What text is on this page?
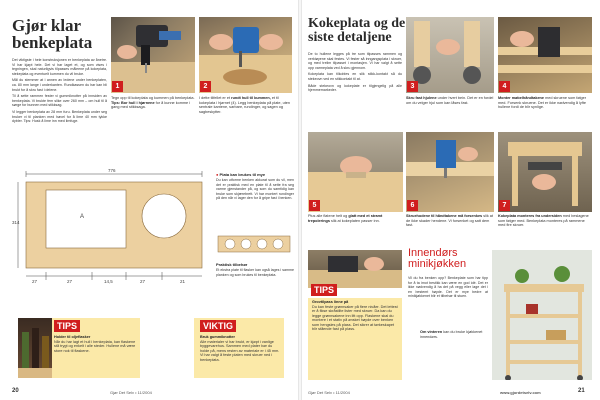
Gjør klar
benkeplata

Det viktigste i hele konstruksjonen er benkeplata av ånetre. Vi har kjøpt hele. Det vi har laget et, og som vises i tegningen, skal naturligvis tilpasses måleene på kokeplata, stekeplata og eventuelt kummen du vil bruke.

Mål du stemmer at i annen av ledene under benkeplaten, ca. 80 mm lange i underkanten. Rundkassen du har kan bli brukt for å skru fast i delene.

Til å sette rammen fester vi gummiknotter på innsiden av benkeplata. Vi brukte fem slike over 260 mm – om hull til å sørge for bunnen med stikksag.

Vi legger benkeplata av 28 mm furu. Benkeplata under seg bruker vi til planken med høvel for å lime 40 mm tykke dybler. Tips: Husk å lime inn med limfuge.

1
Tegn opp til kokeplata og kummen på benkeplata. Tips: Bor hull i hjørnene for å kunne komme i gang med stikksaga.
2
I dette tilfellet er et rundt hull til kummen, et til kokeplata i hjørnet (4). Legg benkeplata på plate, uten sentrale kantene, sarbare, rundinger, og sagen og sagbeskytter.
776
314
A
27	27	14,5	27	21
● Plata kan brukes til mye
Du kan utforme benken akkurat som du vil, men det er praktisk med en plate til å sette fra seg varme gjenstander på, og som du samtidig kan bruke som skjærebrett. Vi har montert rundinger på den når vi lager den for å gripe fast i benken.
Praktisk tilbehør
Et ekstra plate til flasker kan også lages i samme planken og som brukes til benkeplata.
TIPS
Holder til oljeflasker
Når du har lagt et hull i benkeplata, kan flaskene stå trygt og enkelt i alle steder. Hullene må være store nok til flaskene.
VIKTIG
Bruk gummiknotter
Alle materialer vi har brukt, er kjøpt i vanlige byggevarehus. Sammen med plater bør du holde på, mens resten av materiale er i 45 mm. Vi har valgt å feste platen med skruer ned i benkeplata.
20	Gjør Det Selv • 11/2004
Kokeplata og de
siste detaljene

De to hullene legges på tre som tilpasses rammen og verktøyene skal festes. Vi fester så inngangsplata i skruer, og med trelim tilpasset i montasjen. Vi har valgt å sette opp varmeplata ved å skru gjennom.

Kokeplata kan tilkobles en slik stikk-kontakt så du stekeovn ved en stikkontakt til at.

Både stekeovn og kokeplate er tilgjengelig på alle hjemmemarkeder.

3
Skru fast hjulene under hvert bein. Det er en fordel om du velger hjul som kan låses fast.
4
Monter møbelhåndtakene med skruene som følger med. Forsenk skruene. Det er ikke nødvendig å lyfte hullene fordi de blir synlige.
5
Plus alle flatene helt og glatt med et stramt trepolerings slik at kokeplaten passer inn.
6
Skruehodene til håndtakene må forsenkes slik at de ikke skader hendene. Vi forsenket og satt dem fast.
7
Kokeplata monteres fra undersiden med beslagene som følger med. Benkeplata monteres på rammene med fire skruer.
TIPS
Grovtilpass linne på
Du kan feste grønnsaker på flere nivåer. Det lettest er å fikse skråstilte lister med skruer. Da kan du legge grønnsakene inn litt opp. Flaskene skal du montere i et stativ på ønsket høyde over benken som hengsles på plass. Det sikrer at tørkeskapet blir stående fast på plass.
Innendørs
minikjøkken
Vil du fra benken opp? Benkeplate som har tipp for å ta imot bestikk kan være en god idé. Det er ikke nødvendig å ha det på vegg eller lage det i en bestemt høyde. Det er mye bedre at minikjøkkenet blir et tilbehør til stuen.
Om vinteren kan du bruke kjøkkenet innendørs.
Gjør Det Selv • 11/2004	www.gjordetselv.com	21
